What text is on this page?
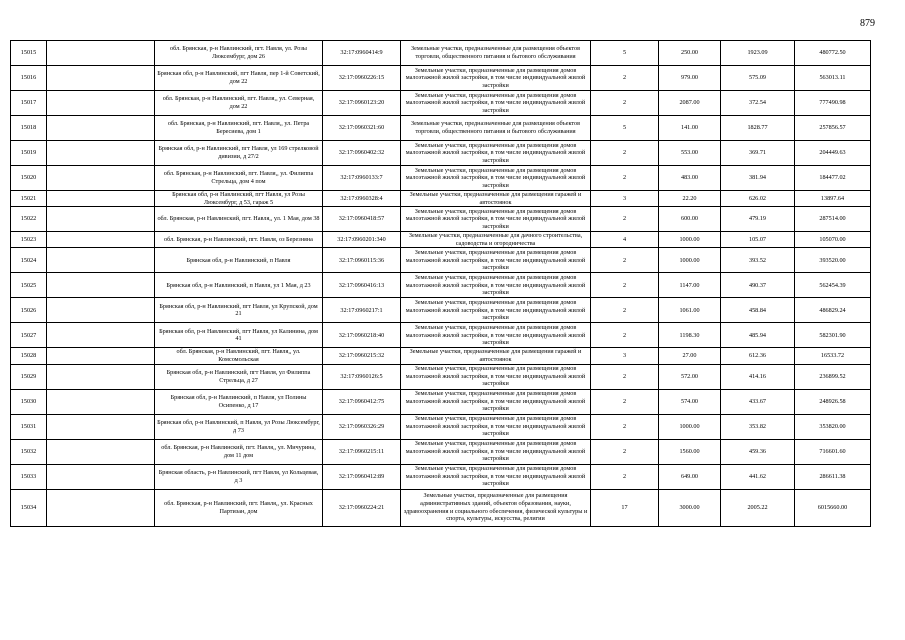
879
15015		обл. Брянская, р-н Навлинский, пгт. Навля, ул. Розы Люксембург, дом 26	32:17:0960414:9	Земельные участки, предназначенные для размещения объектов торговли, общественного питания и бытового обслуживания	5	250.00	1923.09	480772.50
15016		Брянская обл, р-н Навлинский, пгт Навля, пер 1-й Советский, дом 22	32:17:0960226:15	Земельные участки, предназначенные для размещения домов малоэтажной жилой застройки, в том числе индивидуальной жилой застройки	2	979.00	575.09	563013.11
15017		обл. Брянская, р-н Навлинский, пгт. Навля,, ул. Северная, дом 22	32:17:0960123:20	Земельные участки, предназначенные для размещения домов малоэтажной жилой застройки, в том числе индивидуальной жилой застройки	2	2087.00	372.54	777490.98
15018		обл. Брянская, р-н Навлинский, пгт. Навля,, ул. Петра Бересиева, дом 1	32:17:0960321:60	Земельные участки, предназначенные для размещения объектов торговли, общественного питания и бытового обслуживания	5	141.00	1828.77	257856.57
15019		Брянская обл, р-н Навлинский, пгт Навля, ул 169 стрелковой дивизии, д 27/2	32:17:0960402:32	Земельные участки, предназначенные для размещения домов малоэтажной жилой застройки, в том числе индивидуальной жилой застройки	2	553.00	369.71	204449.63
15020		обл. Брянская, р-н Навлинский, пгт. Навля,, ул. Филиппа Стрельца, дом 4 пом	32:17:0960133:7	Земельные участки, предназначенные для размещения домов малоэтажной жилой застройки, в том числе индивидуальной жилой застройки	2	483.00	381.94	184477.02
15021		Брянская обл, р-н Навлинский, пгт Навля, ул Розы Люксембург, д 53, гараж 5	32:17:0960328:4	Земельные участки, предназначенные для размещения гаражей и автостоянок	3	22.20	626.02	13897.64
15022		обл. Брянская, р-н Навлинский, пгт. Навля,, ул. 1 Мая, дом 38	32:17:0960418:57	Земельные участки, предназначенные для размещения домов малоэтажной жилой застройки, в том числе индивидуальной жилой застройки	2	600.00	479.19	287514.00
15023		обл. Брянская, р-н Навлинский, пгт. Навля, оз Березняна	32:17:0960201:340	Земельные участки, предназначенные для дачного строительства, садоводства и огородничества	4	1000.00	105.07	105070.00
15024		Брянская обл, р-н Навлинский, п Навля	32:17:0960115:36	Земельные участки, предназначенные для размещения домов малоэтажной жилой застройки, в том числе индивидуальной жилой застройки	2	1000.00	393.52	393520.00
15025		Брянская обл, р-н Навлинский, п Навля, ул 1 Мая, д 23	32:17:0960416:13	Земельные участки, предназначенные для размещения домов малоэтажной жилой застройки, в том числе индивидуальной жилой застройки	2	1147.00	490.37	562454.39
15026		Брянская обл, р-н Навлинский, пгт Навля, ул Крупской, дом 21	32:17:0960217:1	Земельные участки, предназначенные для размещения домов малоэтажной жилой застройки, в том числе индивидуальной жилой застройки	2	1061.00	458.84	486829.24
15027		Брянская обл, р-н Навлинский, пгт Навля, ул Калинина, дом 41	32:17:0960218:40	Земельные участки, предназначенные для размещения домов малоэтажной жилой застройки, в том числе индивидуальной жилой застройки	2	1198.30	485.94	582301.90
15028		обл. Брянская, р-н Навлинский, пгт. Навля,, ул. Комсомольская	32:17:0960215:32	Земельные участки, предназначенные для размещения гаражей и автостоянок	3	27.00	612.36	16533.72
15029		Брянская обл, р-н Навлинский, пгт Навля, ул Филиппа Стрельца, д 27	32:17:0960126:5	Земельные участки, предназначенные для размещения домов малоэтажной жилой застройки, в том числе индивидуальной жилой застройки	2	572.00	414.16	236899.52
15030		Брянская обл, р-н Навлинский, п Навля, ул Полины Осипенко, д 17	32:17:0960412:75	Земельные участки, предназначенные для размещения домов малоэтажной жилой застройки, в том числе индивидуальной жилой застройки	2	574.00	433.67	248926.58
15031		Брянская обл, р-н Навлинский, п Навля, ул Розы Люксембург, д 73	32:17:0960326:29	Земельные участки, предназначенные для размещения домов малоэтажной жилой застройки, в том числе индивидуальной жилой застройки	2	1000.00	353.82	353820.00
15032		обл. Брянская, р-н Навлинский, пгт. Навля,, ул. Мичурина, дом 11 дом	32:17:0960215:11	Земельные участки, предназначенные для размещения домов малоэтажной жилой застройки, в том числе индивидуальной жилой застройки	2	1560.00	459.36	716601.60
15033		Брянская область, р-н Навлинский, пгт Навля, ул Кольцевая, д 3	32:17:0960412:89	Земельные участки, предназначенные для размещения домов малоэтажной жилой застройки, в том числе индивидуальной жилой застройки	2	649.00	441.62	286611.38
15034		обл. Брянская, р-н Навлинский, пгт. Навля,, ул. Красных Партизан, дом	32:17:0960224:21	Земельные участки, предназначенные для размещения административных зданий, объектов образования, науки, здравоохранения и социального обеспечения, физической культуры и спорта, культуры, искусства, религии	17	3000.00	2005.22	6015660.00
